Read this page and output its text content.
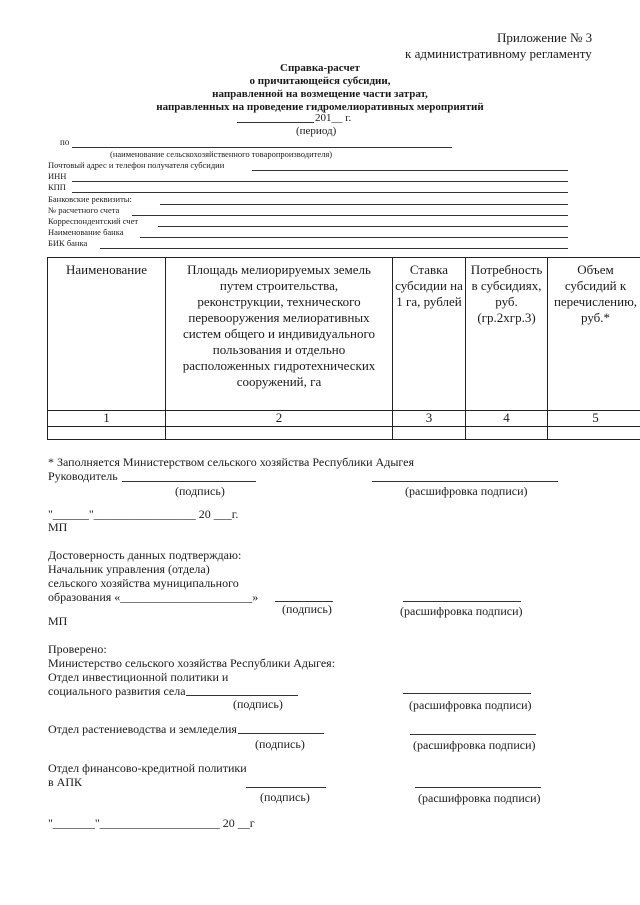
Приложение № 3
к административному регламенту
Справка-расчет
о причитающейся субсидии,
направленной на возмещение части затрат,
направленных на проведение гидромелиоративных мероприятий
201__ г.
(период)
по
(наименование сельскохозяйственного товаропроизводителя)
Почтовый адрес и телефон получателя субсидии
ИНН
КПП
Банковские реквизиты:
№ расчетного счета
Корреспондентский счет
Наименование банка
БИК банка
Наименование	Площадь мелиорируемых земель путем строительства, реконструкции, технического перевооружения мелиоративных систем общего и индивидуального пользования и отдельно расположенных гидротехнических сооружений, га	Ставка субсидии на 1 га, рублей	Потребность в субсидиях, руб. (гр.2хгр.3)	Объем субсидий к перечислению, руб.*

1	2	3	4	5

* Заполняется Министерством сельского хозяйства Республики Адыгея
Руководитель
(подпись)	(расшифровка подписи)
"______"_________________ 20 ___г.
МП
Достоверность данных подтверждаю:
Начальник управления (отдела)
сельского хозяйства муниципального
образования «______________________»
(подпись)	(расшифровка подписи)
МП
Проверено:
Министерство сельского хозяйства Республики Адыгея:
Отдел инвестиционной политики и
социального развития села
(подпись)	(расшифровка подписи)
Отдел растениеводства и земледелия
(подпись)	(расшифровка подписи)
Отдел финансово-кредитной политики
в АПК
(подпись)	(расшифровка подписи)
"_______"____________________ 20 __г
